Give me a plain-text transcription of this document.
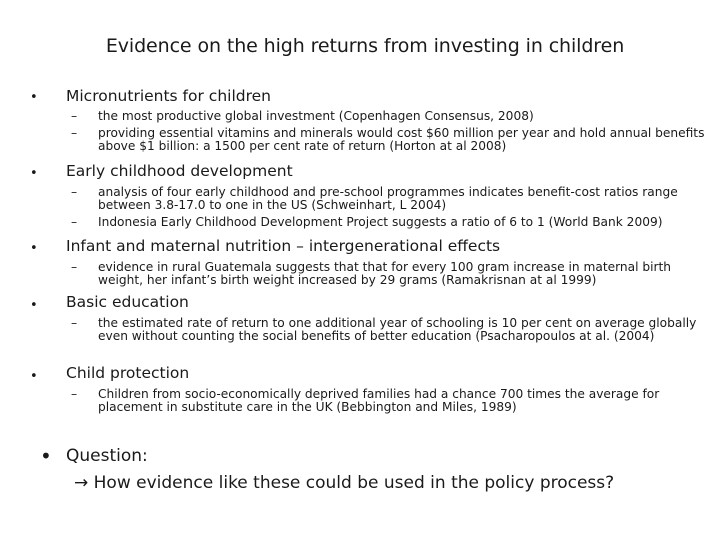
Evidence on the high returns from investing in children
• Micronutrients for children
– the most productive global investment (Copenhagen Consensus, 2008)
– providing essential vitamins and minerals would cost $60 million per year and hold annual benefits above $1 billion: a 1500 per cent rate of return (Horton at al 2008)
• Early childhood development
– analysis of four early childhood and pre-school programmes indicates benefit-cost ratios range between 3.8-17.0 to one in the US (Schweinhart, L 2004)
– Indonesia Early Childhood Development Project suggests a ratio of 6 to 1 (World Bank 2009)
• Infant and maternal nutrition – intergenerational effects
– evidence in rural Guatemala suggests that that for every 100 gram increase in maternal birth weight, her infant’s birth weight increased by 29 grams (Ramakrisnan at al 1999)
• Basic education
– the estimated rate of return to one additional year of schooling is 10 per cent on average globally even without counting the social benefits of better education (Psacharopoulos at al. (2004)
• Child protection
– Children from socio-economically deprived families had a chance 700 times the average for placement in substitute care in the UK (Bebbington and Miles, 1989)
• Question:
→ How evidence like these could be used in the policy process?
